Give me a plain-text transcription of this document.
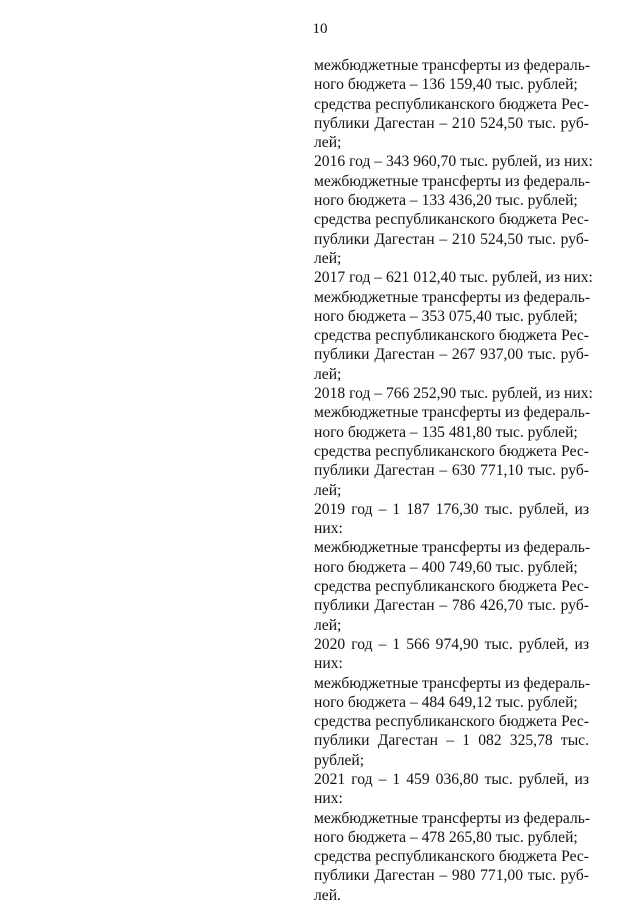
10
межбюджетные трансферты из федераль-
ного бюджета – 136 159,40 тыс. рублей;
средства республиканского бюджета Рес-
публики Дагестан – 210 524,50 тыс. руб-
лей;
2016 год – 343 960,70 тыс. рублей, из них:
межбюджетные трансферты из федераль-
ного бюджета – 133 436,20 тыс. рублей;
средства республиканского бюджета Рес-
публики Дагестан – 210 524,50 тыс. руб-
лей;
2017 год – 621 012,40 тыс. рублей, из них:
межбюджетные трансферты из федераль-
ного бюджета – 353 075,40 тыс. рублей;
средства республиканского бюджета Рес-
публики Дагестан – 267 937,00 тыс. руб-
лей;
2018 год – 766 252,90 тыс. рублей, из них:
межбюджетные трансферты из федераль-
ного бюджета – 135 481,80 тыс. рублей;
средства республиканского бюджета Рес-
публики Дагестан – 630 771,10 тыс. руб-
лей;
2019 год – 1 187 176,30 тыс. рублей, из
них:
межбюджетные трансферты из федераль-
ного бюджета – 400 749,60 тыс. рублей;
средства республиканского бюджета Рес-
публики Дагестан – 786 426,70 тыс. руб-
лей;
2020 год – 1 566 974,90 тыс. рублей, из
них:
межбюджетные трансферты из федераль-
ного бюджета – 484 649,12 тыс. рублей;
средства республиканского бюджета Рес-
публики Дагестан – 1 082 325,78 тыс.
рублей;
2021 год – 1 459 036,80 тыс. рублей, из
них:
межбюджетные трансферты из федераль-
ного бюджета – 478 265,80 тыс. рублей;
средства республиканского бюджета Рес-
публики Дагестан – 980 771,00 тыс. руб-
лей.
